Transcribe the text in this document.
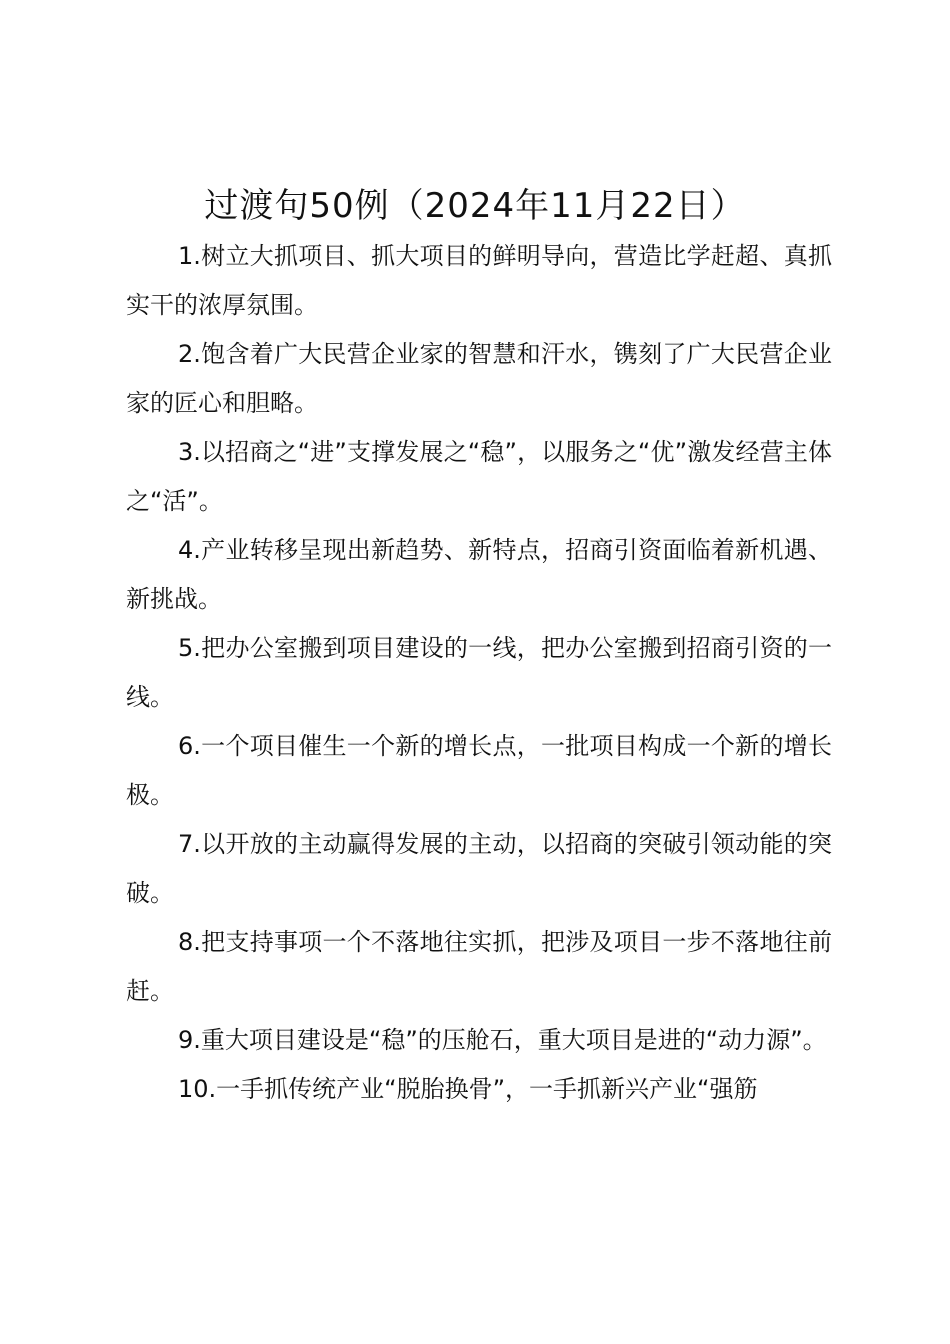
过渡句50例（2024年11月22日）

1.树立大抓项目、抓大项目的鲜明导向，营造比学赶超、真抓实干的浓厚氛围。

2.饱含着广大民营企业家的智慧和汗水，镌刻了广大民营企业家的匠心和胆略。

3.以招商之“进”支撑发展之“稳”，以服务之“优”激发经营主体之“活”。

4.产业转移呈现出新趋势、新特点，招商引资面临着新机遇、新挑战。

5.把办公室搬到项目建设的一线，把办公室搬到招商引资的一线。

6.一个项目催生一个新的增长点，一批项目构成一个新的增长极。

7.以开放的主动赢得发展的主动，以招商的突破引领动能的突破。

8.把支持事项一个不落地往实抓，把涉及项目一步不落地往前赶。

9.重大项目建设是“稳”的压舱石，重大项目是进的“动力源”。

10.一手抓传统产业“脱胎换骨”，一手抓新兴产业“强筋
